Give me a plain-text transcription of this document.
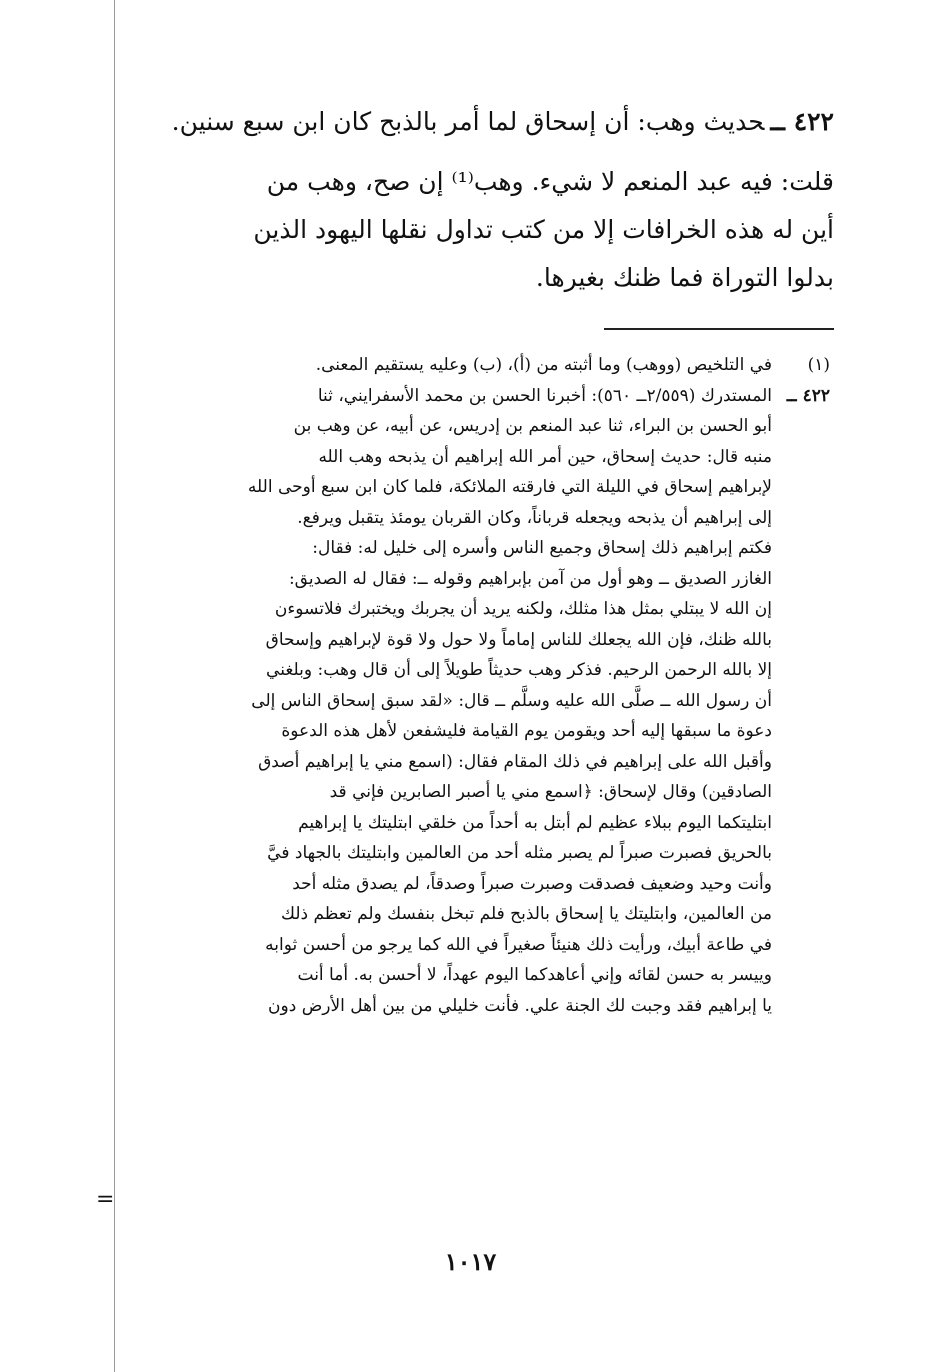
٤٢٢ ــحديث وهب: أن إسحاق لما أمر بالذبح كان ابن سبع سنين.

قلت: فيه عبد المنعم لا شيء. وهب⁽¹⁾ إن صح، وهب من

أين له هذه الخرافات إلا من كتب تداول نقلها اليهود الذين

بدلوا التوراة فما ظنك بغيرها.

(١)
في التلخيص (ووهب) وما أثبته من (أ)، (ب) وعليه يستقيم المعنى.
٤٢٢ ــ
المستدرك (٢/٥٥٩ــ ٥٦٠): أخبرنا الحسن بن محمد الأسفرايني، ثنا
أبو الحسن بن البراء، ثنا عبد المنعم بن إدريس، عن أبيه، عن وهب بن
منبه قال: حديث إسحاق، حين أمر الله إبراهيم أن يذبحه وهب الله
لإبراهيم إسحاق في الليلة التي فارقته الملائكة، فلما كان ابن سبع أوحى الله
إلى إبراهيم أن يذبحه ويجعله قرباناً، وكان القربان يومئذ يتقبل ويرفع.
فكتم إبراهيم ذلك إسحاق وجميع الناس وأسره إلى خليل له: فقال:
الغازر الصديق ــ وهو أول من آمن بإبراهيم وقوله ــ: فقال له الصديق:
إن الله لا يبتلي بمثل هذا مثلك، ولكنه يريد أن يجربك ويختبرك فلاتسوءن
بالله ظنك، فإن الله يجعلك للناس إماماً ولا حول ولا قوة لإبراهيم وإسحاق
إلا بالله الرحمن الرحيم. فذكر وهب حديثاً طويلاً إلى أن قال وهب: وبلغني
أن رسول الله ــ صلَّى الله عليه وسلَّم ــ قال: «لقد سبق إسحاق الناس إلى
دعوة ما سبقها إليه أحد ويقومن يوم القيامة فليشفعن لأهل هذه الدعوة
وأقبل الله على إبراهيم في ذلك المقام فقال: (اسمع مني يا إبراهيم أصدق
الصادقين) وقال لإسحاق: ﴿اسمع مني يا أصبر الصابرين فإني قد
ابتليتكما اليوم ببلاء عظيم لم أبتل به أحداً من خلقي ابتليتك يا إبراهيم
بالحريق فصبرت صبراً لم يصبر مثله أحد من العالمين وابتليتك بالجهاد فيَّ
وأنت وحيد وضعيف فصدقت وصبرت صبراً وصدقاً، لم يصدق مثله أحد
من العالمين، وابتليتك يا إسحاق بالذبح فلم تبخل بنفسك ولم تعظم ذلك
في طاعة أبيك، ورأيت ذلك هنيئاً صغيراً في الله كما يرجو من أحسن ثوابه
وييسر به حسن لقائه وإني أعاهدكما اليوم عهداً، لا أحسن به. أما أنت
يا إبراهيم فقد وجبت لك الجنة علي. فأنت خليلي من بين أهل الأرض دون
=
١٠١٧
